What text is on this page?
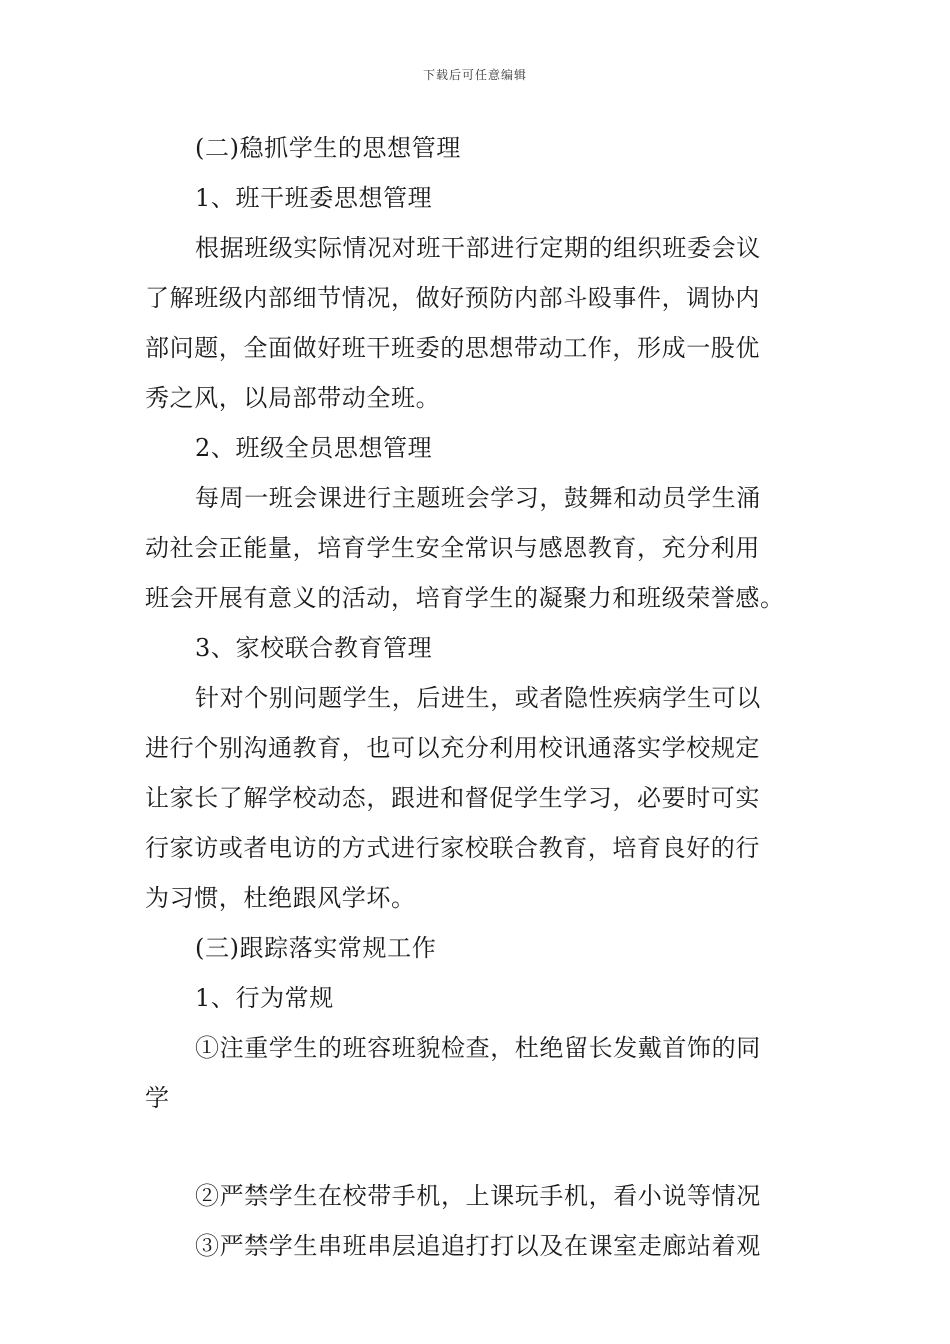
下载后可任意编辑
(二)稳抓学生的思想管理
1、班干班委思想管理
根据班级实际情况对班干部进行定期的组织班委会议
了解班级内部细节情况，做好预防内部斗殴事件，调协内
部问题，全面做好班干班委的思想带动工作，形成一股优
秀之风，以局部带动全班。
2、班级全员思想管理
每周一班会课进行主题班会学习，鼓舞和动员学生涌
动社会正能量，培育学生安全常识与感恩教育，充分利用
班会开展有意义的活动，培育学生的凝聚力和班级荣誉感。
3、家校联合教育管理
针对个别问题学生，后进生，或者隐性疾病学生可以
进行个别沟通教育，也可以充分利用校讯通落实学校规定
让家长了解学校动态，跟进和督促学生学习，必要时可实
行家访或者电访的方式进行家校联合教育，培育良好的行
为习惯，杜绝跟风学坏。
(三)跟踪落实常规工作
1、行为常规
①注重学生的班容班貌检查，杜绝留长发戴首饰的同
学
②严禁学生在校带手机，上课玩手机，看小说等情况
③严禁学生串班串层追追打打以及在课室走廊站着观
